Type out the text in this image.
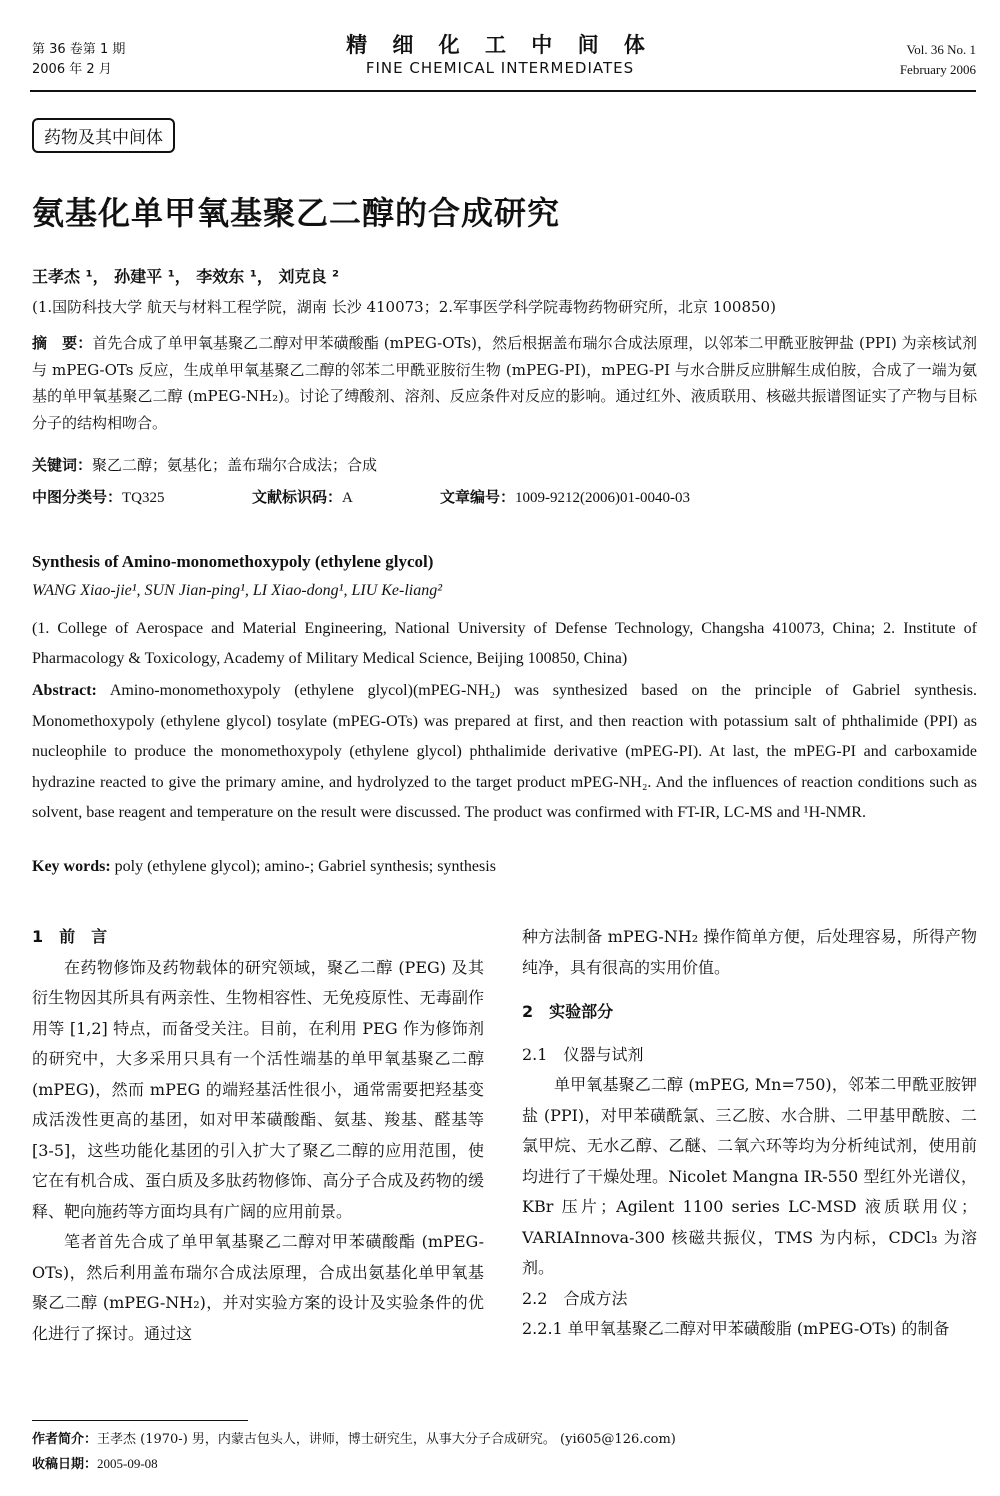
第 36 卷第 1 期
2006 年 2 月
精 细 化 工 中 间 体
FINE CHEMICAL INTERMEDIATES
Vol. 36 No. 1
February 2006
药物及其中间体
氨基化单甲氧基聚乙二醇的合成研究
王孝杰 ¹， 孙建平 ¹， 李效东 ¹， 刘克良 ²
(1.国防科技大学 航天与材料工程学院，湖南 长沙 410073；2.军事医学科学院毒物药物研究所，北京 100850)
摘　要：首先合成了单甲氧基聚乙二醇对甲苯磺酸酯 (mPEG-OTs)，然后根据盖布瑞尔合成法原理，以邻苯二甲酰亚胺钾盐 (PPI) 为亲核试剂与 mPEG-OTs 反应，生成单甲氧基聚乙二醇的邻苯二甲酰亚胺衍生物 (mPEG-PI)，mPEG-PI 与水合肼反应肼解生成伯胺，合成了一端为氨基的单甲氧基聚乙二醇 (mPEG-NH₂)。讨论了缚酸剂、溶剂、反应条件对反应的影响。通过红外、液质联用、核磁共振谱图证实了产物与目标分子的结构相吻合。
关键词：聚乙二醇；氨基化；盖布瑞尔合成法；合成
中图分类号：TQ325	文献标识码：A	文章编号：1009-9212(2006)01-0040-03
Synthesis of Amino-monomethoxypoly (ethylene glycol)
WANG Xiao-jie¹, SUN Jian-ping¹, LI Xiao-dong¹, LIU Ke-liang²
(1. College of Aerospace and Material Engineering, National University of Defense Technology, Changsha 410073, China; 2. Institute of Pharmacology & Toxicology, Academy of Military Medical Science, Beijing 100850, China)
Abstract: Amino-monomethoxypoly (ethylene glycol)(mPEG-NH₂) was synthesized based on the principle of Gabriel synthesis. Monomethoxypoly (ethylene glycol) tosylate (mPEG-OTs) was prepared at first, and then reaction with potassium salt of phthalimide (PPI) as nucleophile to produce the monomethoxypoly (ethylene glycol) phthalimide derivative (mPEG-PI). At last, the mPEG-PI and carboxamide hydrazine reacted to give the primary amine, and hydrolyzed to the target product mPEG-NH₂. And the influences of reaction conditions such as solvent, base reagent and temperature on the result were discussed. The product was confirmed with FT-IR, LC-MS and ¹H-NMR.
Key words: poly (ethylene glycol); amino-; Gabriel synthesis; synthesis
1　前　言

在药物修饰及药物载体的研究领域，聚乙二醇 (PEG) 及其衍生物因其所具有两亲性、生物相容性、无免疫原性、无毒副作用等 [1,2] 特点，而备受关注。目前，在利用 PEG 作为修饰剂的研究中，大多采用只具有一个活性端基的单甲氧基聚乙二醇 (mPEG)，然而 mPEG 的端羟基活性很小，通常需要把羟基变成活泼性更高的基团，如对甲苯磺酸酯、氨基、羧基、醛基等 [3-5]，这些功能化基团的引入扩大了聚乙二醇的应用范围，使它在有机合成、蛋白质及多肽药物修饰、高分子合成及药物的缓释、靶向施药等方面均具有广阔的应用前景。

笔者首先合成了单甲氧基聚乙二醇对甲苯磺酸酯 (mPEG-OTs)，然后利用盖布瑞尔合成法原理，合成出氨基化单甲氧基聚乙二醇 (mPEG-NH₂)，并对实验方案的设计及实验条件的优化进行了探讨。通过这

种方法制备 mPEG-NH₂ 操作简单方便，后处理容易，所得产物纯净，具有很高的实用价值。

2　实验部分
2.1　仪器与试剂

单甲氧基聚乙二醇 (mPEG, Mn=750)，邻苯二甲酰亚胺钾盐 (PPI)，对甲苯磺酰氯、三乙胺、水合肼、二甲基甲酰胺、二氯甲烷、无水乙醇、乙醚、二氧六环等均为分析纯试剂，使用前均进行了干燥处理。Nicolet Mangna IR-550 型红外光谱仪，KBr 压片；Agilent 1100 series LC-MSD 液质联用仪；VARIAInnova-300 核磁共振仪，TMS 为内标，CDCl₃ 为溶剂。

2.2　合成方法
2.2.1 单甲氧基聚乙二醇对甲苯磺酸脂 (mPEG-OTs) 的制备
作者简介：王孝杰 (1970-) 男，内蒙古包头人，讲师，博士研究生，从事大分子合成研究。 (yi605@126.com)
收稿日期：2005-09-08
